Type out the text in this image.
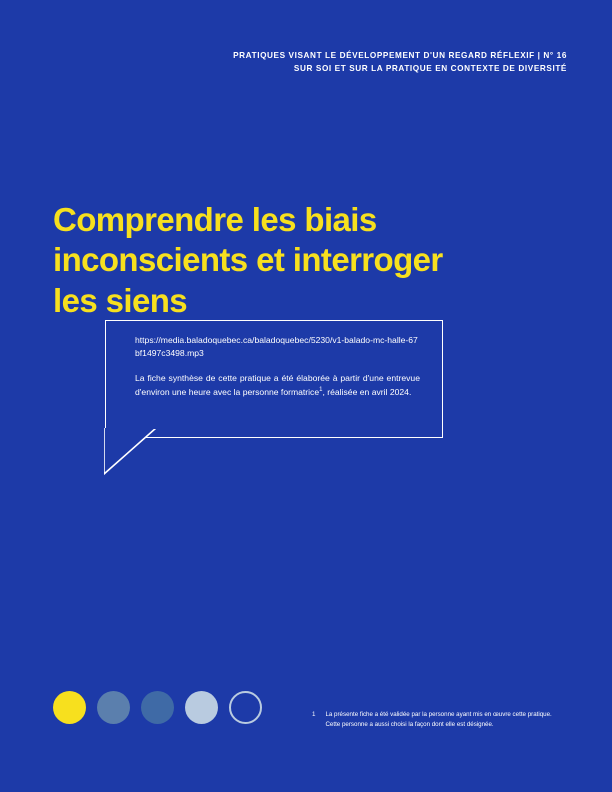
PRATIQUES VISANT LE DÉVELOPPEMENT D'UN REGARD RÉFLEXIF | N° 16
SUR SOI ET SUR LA PRATIQUE EN CONTEXTE DE DIVERSITÉ
Comprendre les biais
inconscients et interroger
les siens
https://media.baladoquebec.ca/baladoquebec/5230/v1-balado-mc-halle-67bf1497c3498.mp3
La fiche synthèse de cette pratique a été élaborée à partir d'une entrevue d'environ une heure avec la personne formatrice$^1$, réalisée en avril 2024.
1 La présente fiche a été validée par la personne ayant mis en œuvre cette pratique. Cette personne a aussi choisi la façon dont elle est désignée.
